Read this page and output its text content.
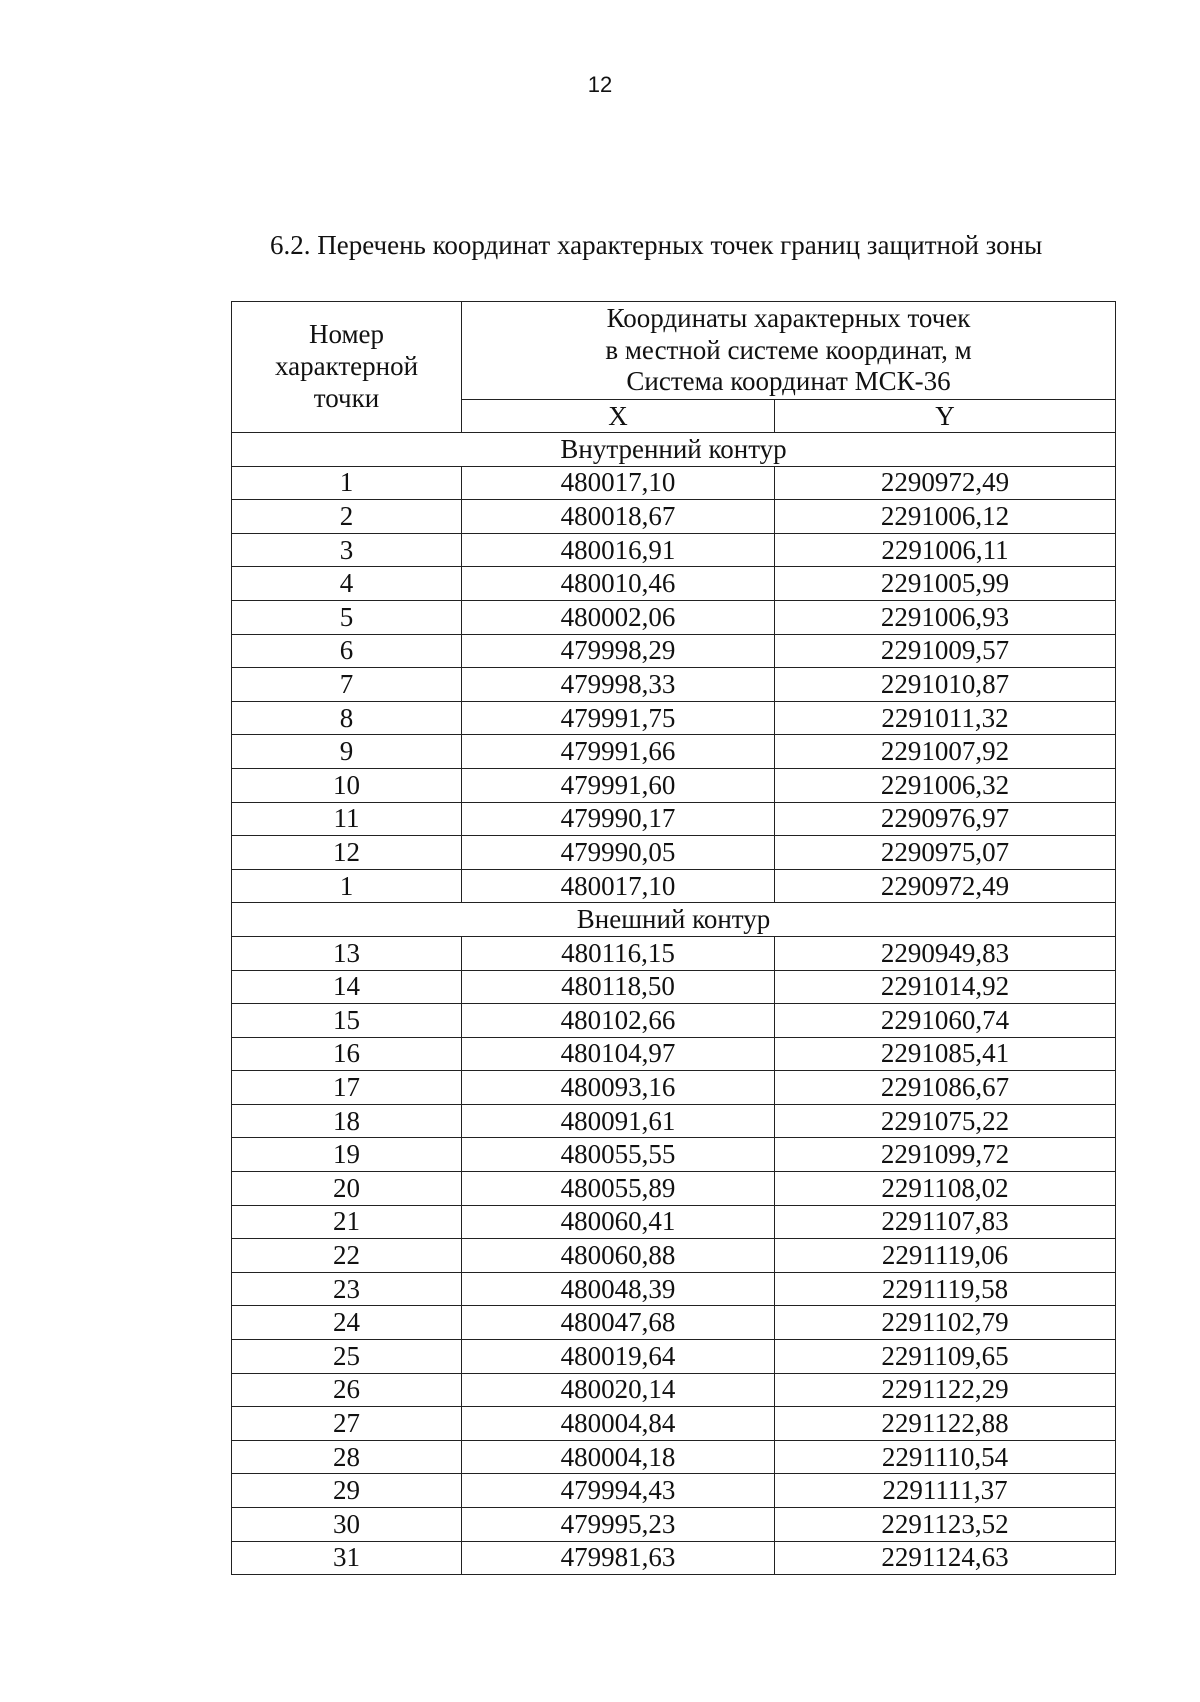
12
6.2. Перечень координат характерных точек границ защитной зоны
Номер
характерной
точки	Координаты характерных точек
в местной системе координат, м
Система координат МСК-36	
	X	Y
Внутренний контур		
1	480017,10	2290972,49
2	480018,67	2291006,12
3	480016,91	2291006,11
4	480010,46	2291005,99
5	480002,06	2291006,93
6	479998,29	2291009,57
7	479998,33	2291010,87
8	479991,75	2291011,32
9	479991,66	2291007,92
10	479991,60	2291006,32
11	479990,17	2290976,97
12	479990,05	2290975,07
1	480017,10	2290972,49
Внешний контур		
13	480116,15	2290949,83
14	480118,50	2291014,92
15	480102,66	2291060,74
16	480104,97	2291085,41
17	480093,16	2291086,67
18	480091,61	2291075,22
19	480055,55	2291099,72
20	480055,89	2291108,02
21	480060,41	2291107,83
22	480060,88	2291119,06
23	480048,39	2291119,58
24	480047,68	2291102,79
25	480019,64	2291109,65
26	480020,14	2291122,29
27	480004,84	2291122,88
28	480004,18	2291110,54
29	479994,43	2291111,37
30	479995,23	2291123,52
31	479981,63	2291124,63
